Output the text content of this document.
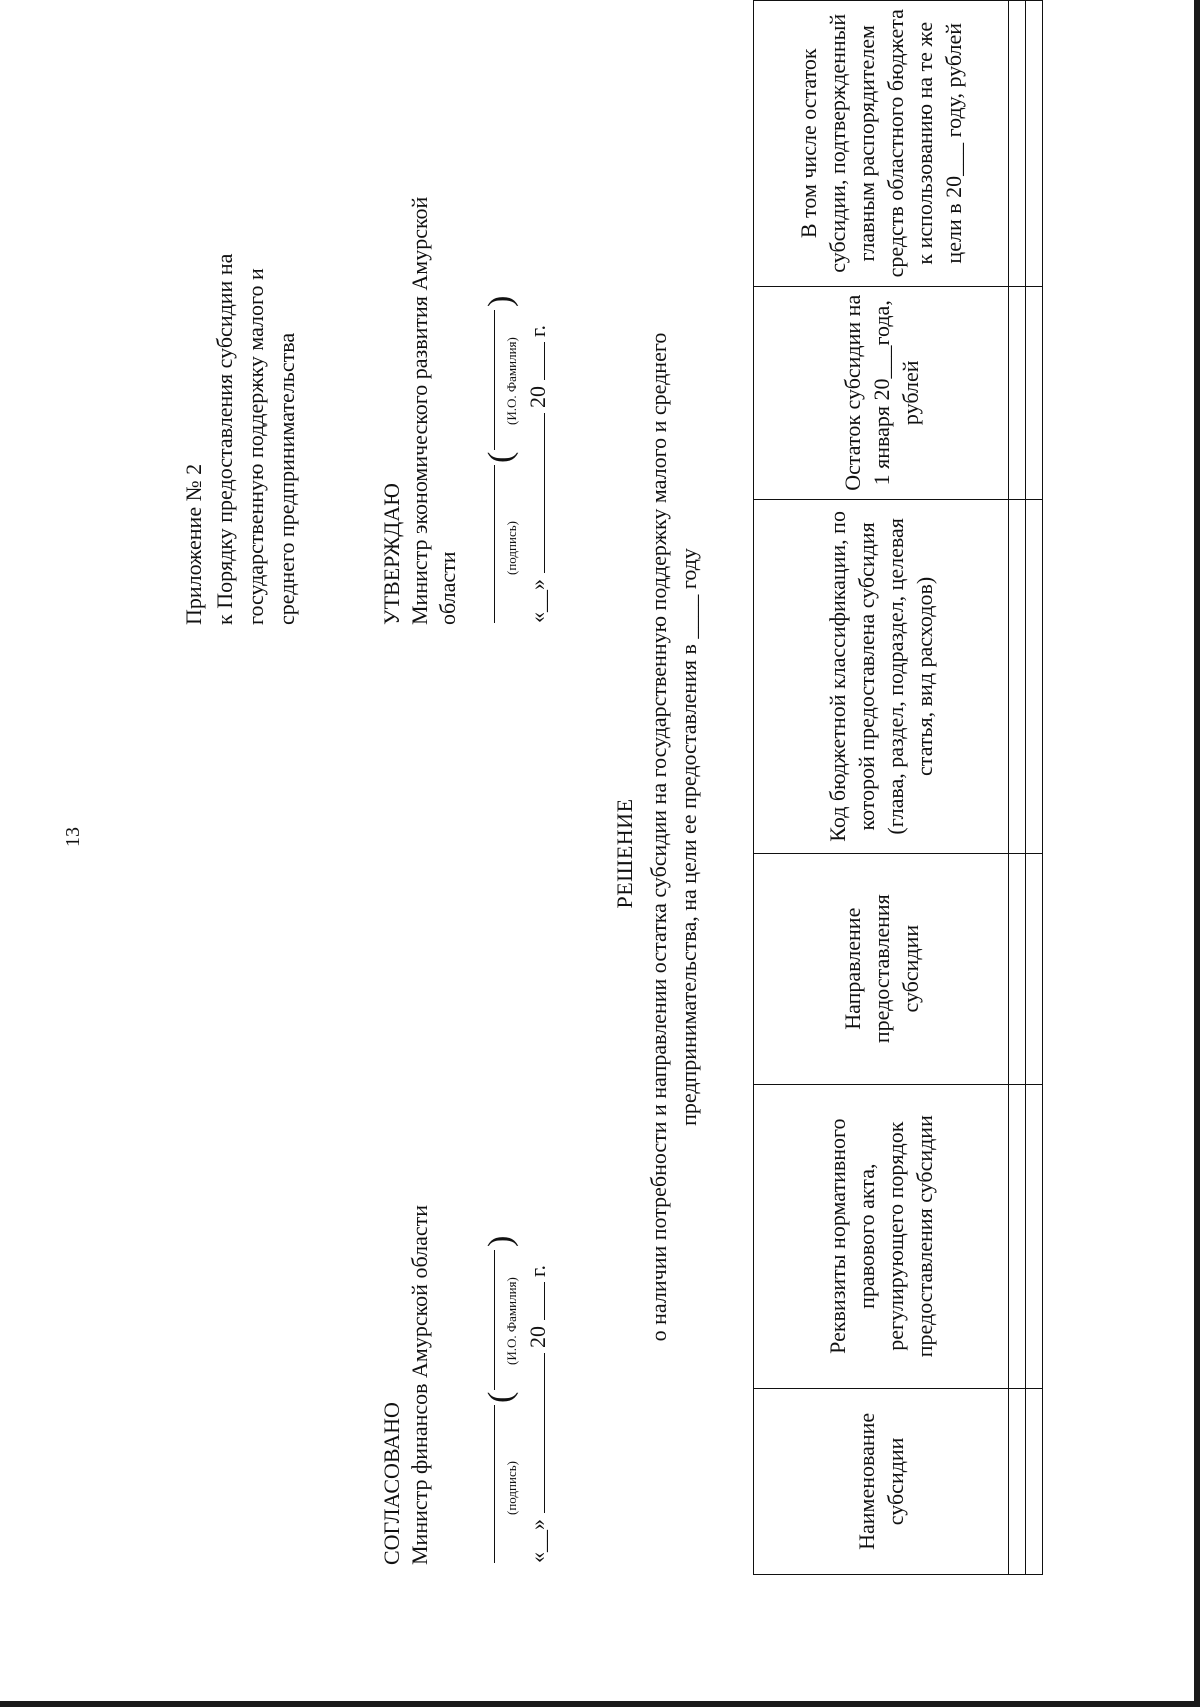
13
Приложение № 2 к Порядку предоставления субсидии на государственную поддержку малого и среднего предпринимательства
СОГЛАСОВАНО Министр финансов Амурской области	(подпись)
(
(И.О. Фамилия)
)
«__»  20  г.
УТВЕРЖДАЮ Министр экономического развития Амурской области
(подпись)
(
(И.О. Фамилия)
)
«__»  20  г.
РЕШЕНИЕ о наличии потребности и направлении остатка субсидии на государственную поддержку малого и среднего предпринимательства, на цели ее предоставления в ____ году
Наименование субсидии	Реквизиты нормативного правового акта, регулирующего порядок предоставления субсидии	Направление предоставления субсидии	Код бюджетной классификации, по которой предоставлена субсидия (глава, раздел, подраздел, целевая статья, вид расходов)	Остаток субсидии на 1 января 20___года, рублей	В том числе остаток субсидии, подтвержденный главным распорядителем средств областного бюджета к использованию на те же цели в 20___ году, рублей
